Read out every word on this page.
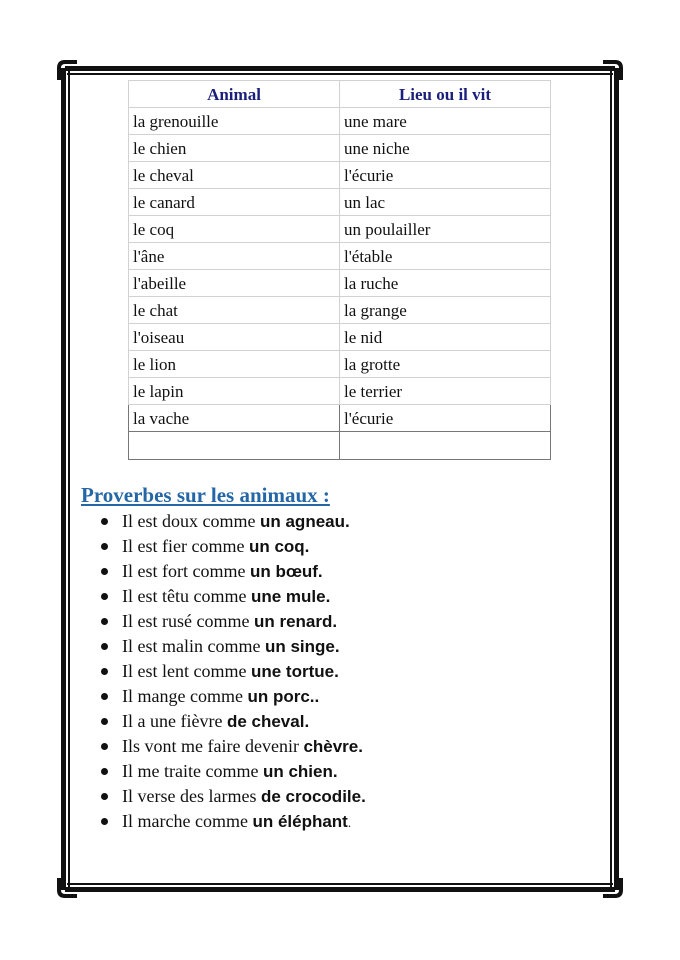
Animal	Lieu ou il vit
la grenouille	une mare
le chien	une niche
le cheval	l'écurie
le canard	un lac
le coq	un poulailler
l'âne	l'étable
l'abeille	la ruche
le chat	la grange
l'oiseau	le nid
le lion	la grotte
le lapin	le terrier
la vache	l'écurie

Proverbes sur les animaux :
Il est doux comme un agneau.
Il est fier comme un coq.
Il est fort comme un bœuf.
Il est têtu comme une mule.
Il est rusé comme un renard.
Il est malin comme un singe.
Il est lent comme une tortue.
Il mange comme un porc..
Il a une fièvre de cheval.
Ils vont me faire devenir chèvre.
Il me traite comme un chien.
Il verse des larmes de crocodile.
Il marche comme un éléphant.
